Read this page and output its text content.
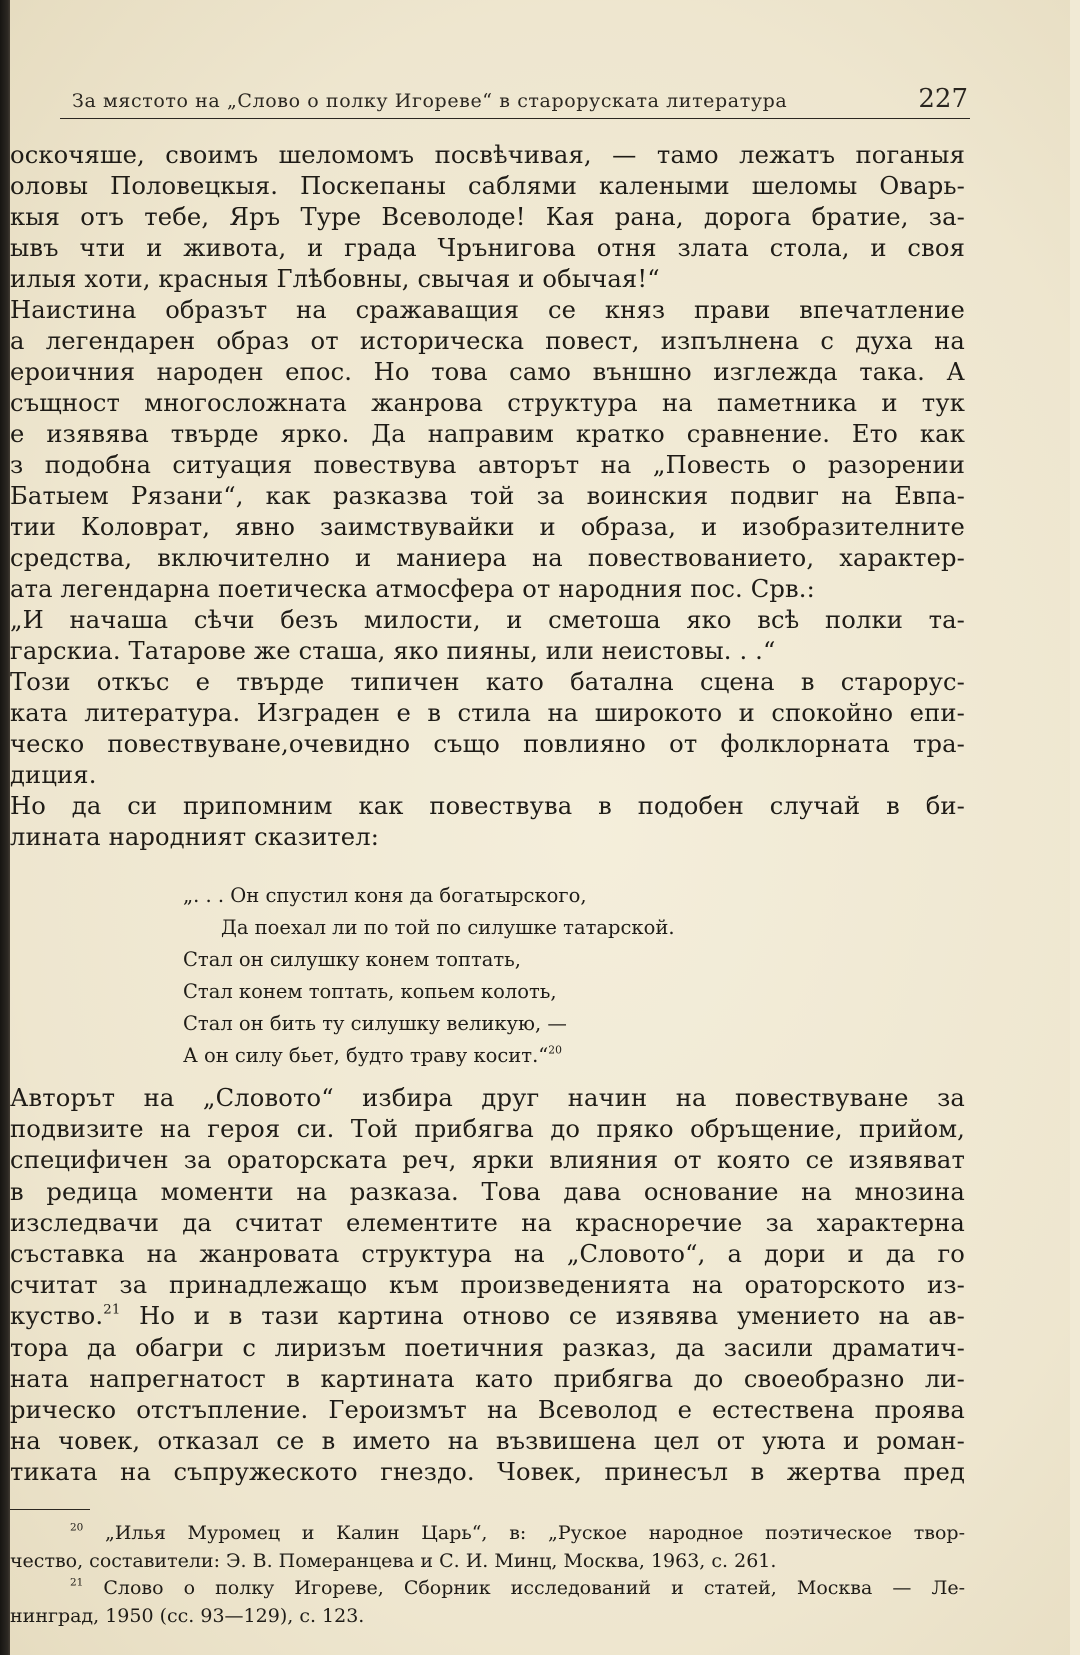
За мястото на „Слово о полку Игореве“ в староруската литература	227
оскочяше, своимъ шеломомъ посвѣчивая, — тамо лежатъ поганыя
оловы Половецкыя. Поскепаны саблями калеными шеломы Оварь-
кыя отъ тебе, Яръ Туре Всеволоде! Кая рана, дорога братие, за-
ывъ чти и живота, и града Чрънигова отня злата стола, и своя
илыя хоти, красныя Глѣбовны, свычая и обычая!“
Наистина образът на сражаващия се княз прави впечатление
а легендарен образ от историческа повест, изпълнена с духа на
ероичния народен епос. Но това само външно изглежда така. А
същност многосложната жанрова структура на паметника и тук
е изявява твърде ярко. Да направим кратко сравнение. Ето как
з подобна ситуация повествува авторът на „Повесть о разорении
Батыем Рязани“, как разказва той за воинския подвиг на Евпа-
тии Коловрат, явно заимствувайки и образа, и изобразителните
средства, включително и маниера на повествованието, характер-
ата легендарна поетическа атмосфера от народния пос. Срв.:
„И начаша сѣчи безъ милости, и сметоша яко всѣ полки та-
гарскиа. Татарове же сташа, яко пияны, или неистовы. . .“
Този откъс е твърде типичен като батална сцена в старорус-
ката литература. Изграден е в стила на широкото и спокойно епи-
ческо повествуване,очевидно също повлияно от фолклорната тра-
диция.
Но да си припомним как повествува в подобен случай в би-
лината народният сказител:
„. . . Он спустил коня да богатырского,
Да поехал ли по той по силушке татарской.
Стал он силушку конем топтать,
Стал конем топтать, копьем колоть,
Стал он бить ту силушку великую, —
А он силу бьет, будто траву косит.“$^{20}$
Авторът на „Словото“ избира друг начин на повествуване за
подвизите на героя си. Той прибягва до пряко обръщение, прийом,
специфичен за ораторската реч, ярки влияния от която се изявяват
в редица моменти на разказа. Това дава основание на мнозина
изследвачи да считат елементите на красноречие за характерна
съставка на жанровата структура на „Словото“, а дори и да го
считат за принадлежащо към произведенията на ораторското из-
куство.$^{21}$ Но и в тази картина отново се изявява умението на ав-
тора да обагри с лиризъм поетичния разказ, да засили драматич-
ната напрегнатост в картината като прибягва до своеобразно ли-
рическо отстъпление. Героизмът на Всеволод е естествена проява
на човек, отказал се в името на възвишена цел от уюта и роман-
тиката на съпружеското гнездо. Човек, принесъл в жертва пред
$^{20}$ „Илья Муромец и Калин Царь“, в: „Руское народное поэтическое твор-
чество, составители: Э. В. Померанцева и С. И. Минц, Москва, 1963, с. 261.
$^{21}$ Слово о полку Игореве, Сборник исследований и статей, Москва — Ле-
нинград, 1950 (сс. 93—129), с. 123.
